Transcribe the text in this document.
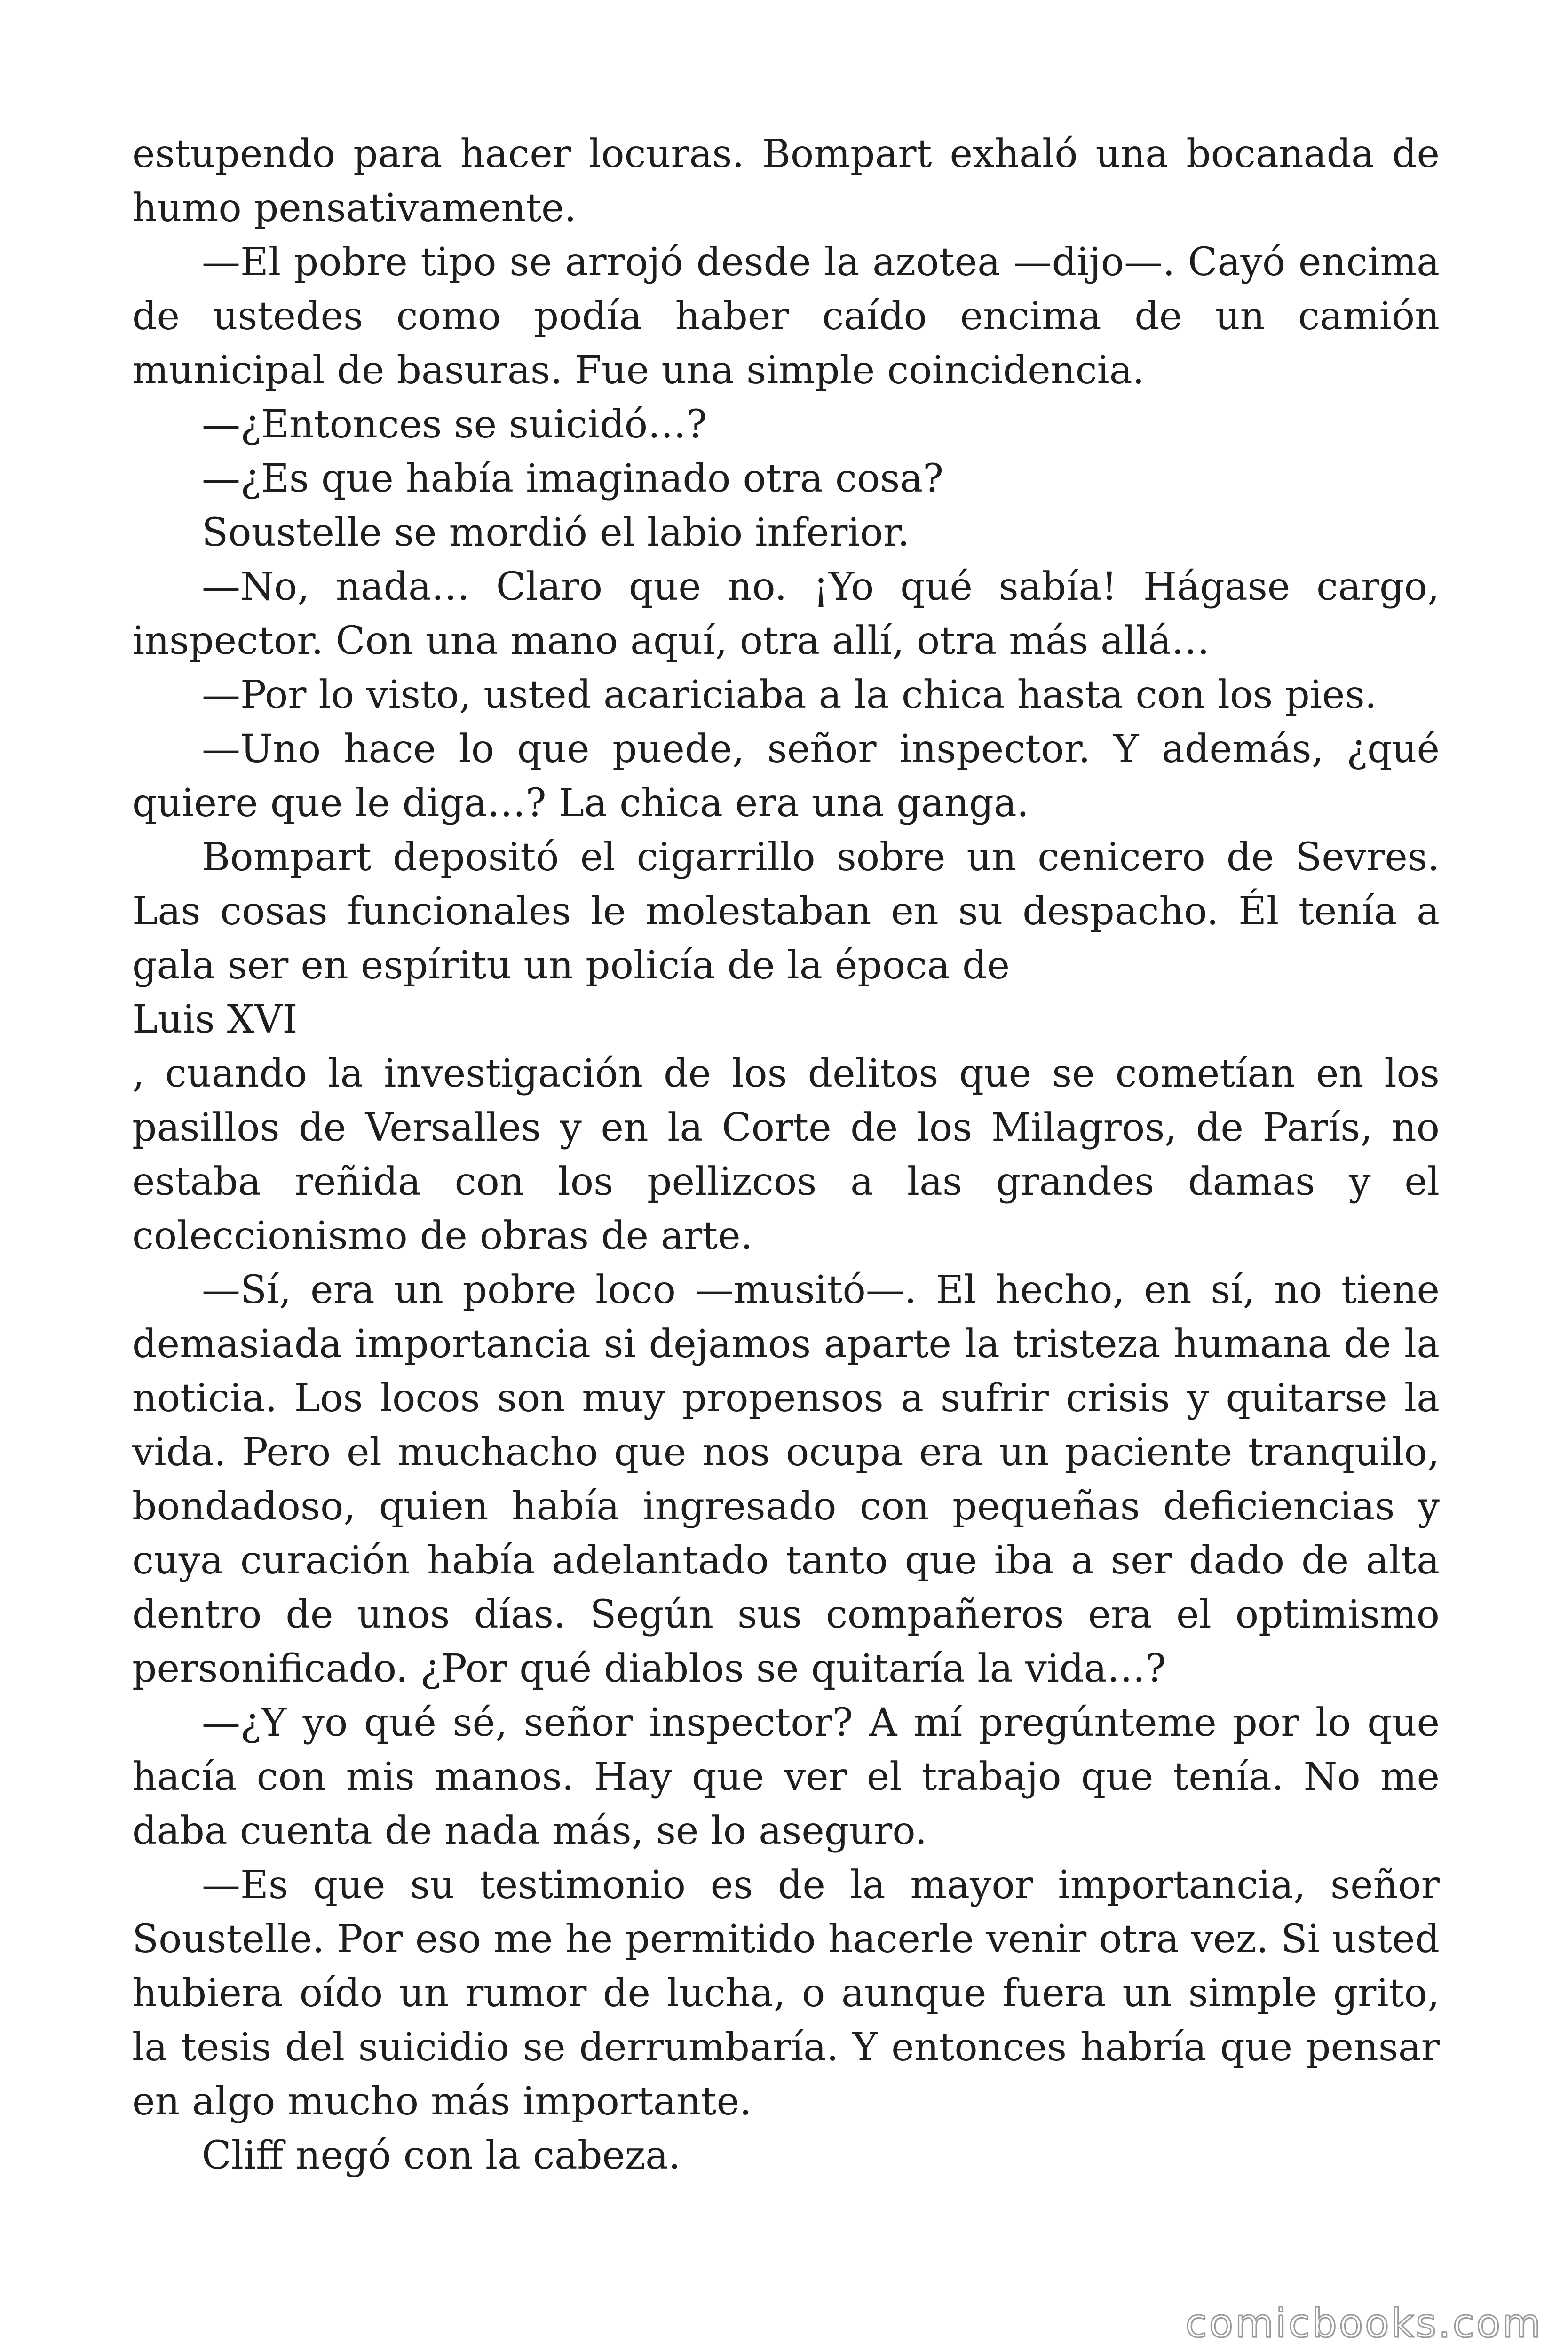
estupendo para hacer locuras. Bompart exhaló una bocanada de humo pensativamente.

—El pobre tipo se arrojó desde la azotea —dijo—. Cayó encima de ustedes como podía haber caído encima de un camión municipal de basuras. Fue una simple coincidencia.

—¿Entonces se suicidó…?

—¿Es que había imaginado otra cosa?

Soustelle se mordió el labio inferior.

—No, nada… Claro que no. ¡Yo qué sabía! Hágase cargo, inspector. Con una mano aquí, otra allí, otra más allá…

—Por lo visto, usted acariciaba a la chica hasta con los pies.

—Uno hace lo que puede, señor inspector. Y además, ¿qué quiere que le diga…? La chica era una ganga.

Bompart depositó el cigarrillo sobre un cenicero de Sevres. Las cosas funcionales le molestaban en su despacho. Él tenía a gala ser en espíritu un policía de la época de

Luis XVI

, cuando la investigación de los delitos que se cometían en los pasillos de Versalles y en la Corte de los Milagros, de París, no estaba reñida con los pellizcos a las grandes damas y el coleccionismo de obras de arte.

—Sí, era un pobre loco —musitó—. El hecho, en sí, no tiene demasiada importancia si dejamos aparte la tristeza humana de la noticia. Los locos son muy propensos a sufrir crisis y quitarse la vida. Pero el muchacho que nos ocupa era un paciente tranquilo, bondadoso, quien había ingresado con pequeñas deficiencias y cuya curación había adelantado tanto que iba a ser dado de alta dentro de unos días. Según sus compañeros era el optimismo personificado. ¿Por qué diablos se quitaría la vida…?

—¿Y yo qué sé, señor inspector? A mí pregúnteme por lo que hacía con mis manos. Hay que ver el trabajo que tenía. No me daba cuenta de nada más, se lo aseguro.

—Es que su testimonio es de la mayor importancia, señor Soustelle. Por eso me he permitido hacerle venir otra vez. Si usted hubiera oído un rumor de lucha, o aunque fuera un simple grito, la tesis del suicidio se derrumbaría. Y entonces habría que pensar en algo mucho más importante.

Cliff negó con la cabeza.

comicbooks.com
